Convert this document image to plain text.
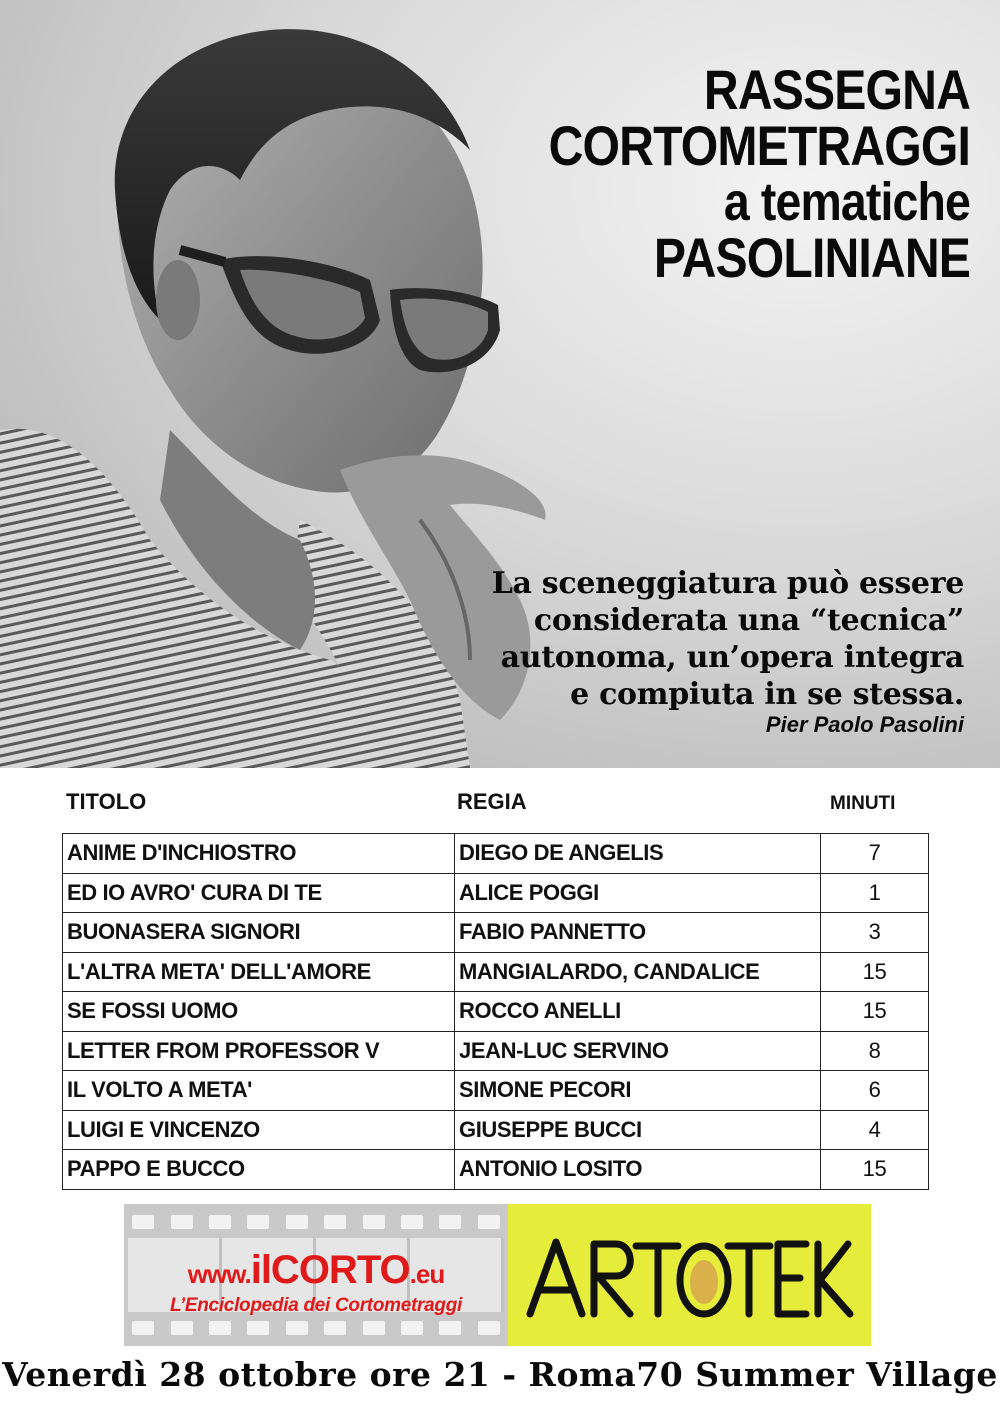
RASSEGNA
CORTOMETRAGGI
a tematiche
PASOLINIANE
La sceneggiatura può essere
considerata una “tecnica”
autonoma, un’opera integra
e compiuta in se stessa.
Pier Paolo Pasolini
TITOLO	REGIA	MINUTI
ANIME D'INCHIOSTRO	DIEGO DE ANGELIS	7
ED IO AVRO' CURA DI TE	ALICE POGGI	1
BUONASERA SIGNORI	FABIO PANNETTO	3
L'ALTRA META' DELL'AMORE	MANGIALARDO, CANDALICE	15
SE FOSSI UOMO	ROCCO ANELLI	15
LETTER FROM PROFESSOR V	JEAN-LUC SERVINO	8
IL VOLTO A META'	SIMONE PECORI	6
LUIGI E VINCENZO	GIUSEPPE BUCCI	4
PAPPO E BUCCO	ANTONIO LOSITO	15
www.ilCORTO.eu
L’Enciclopedia dei Cortometraggi
Venerdì 28 ottobre ore 21 - Roma70 Summer Village
